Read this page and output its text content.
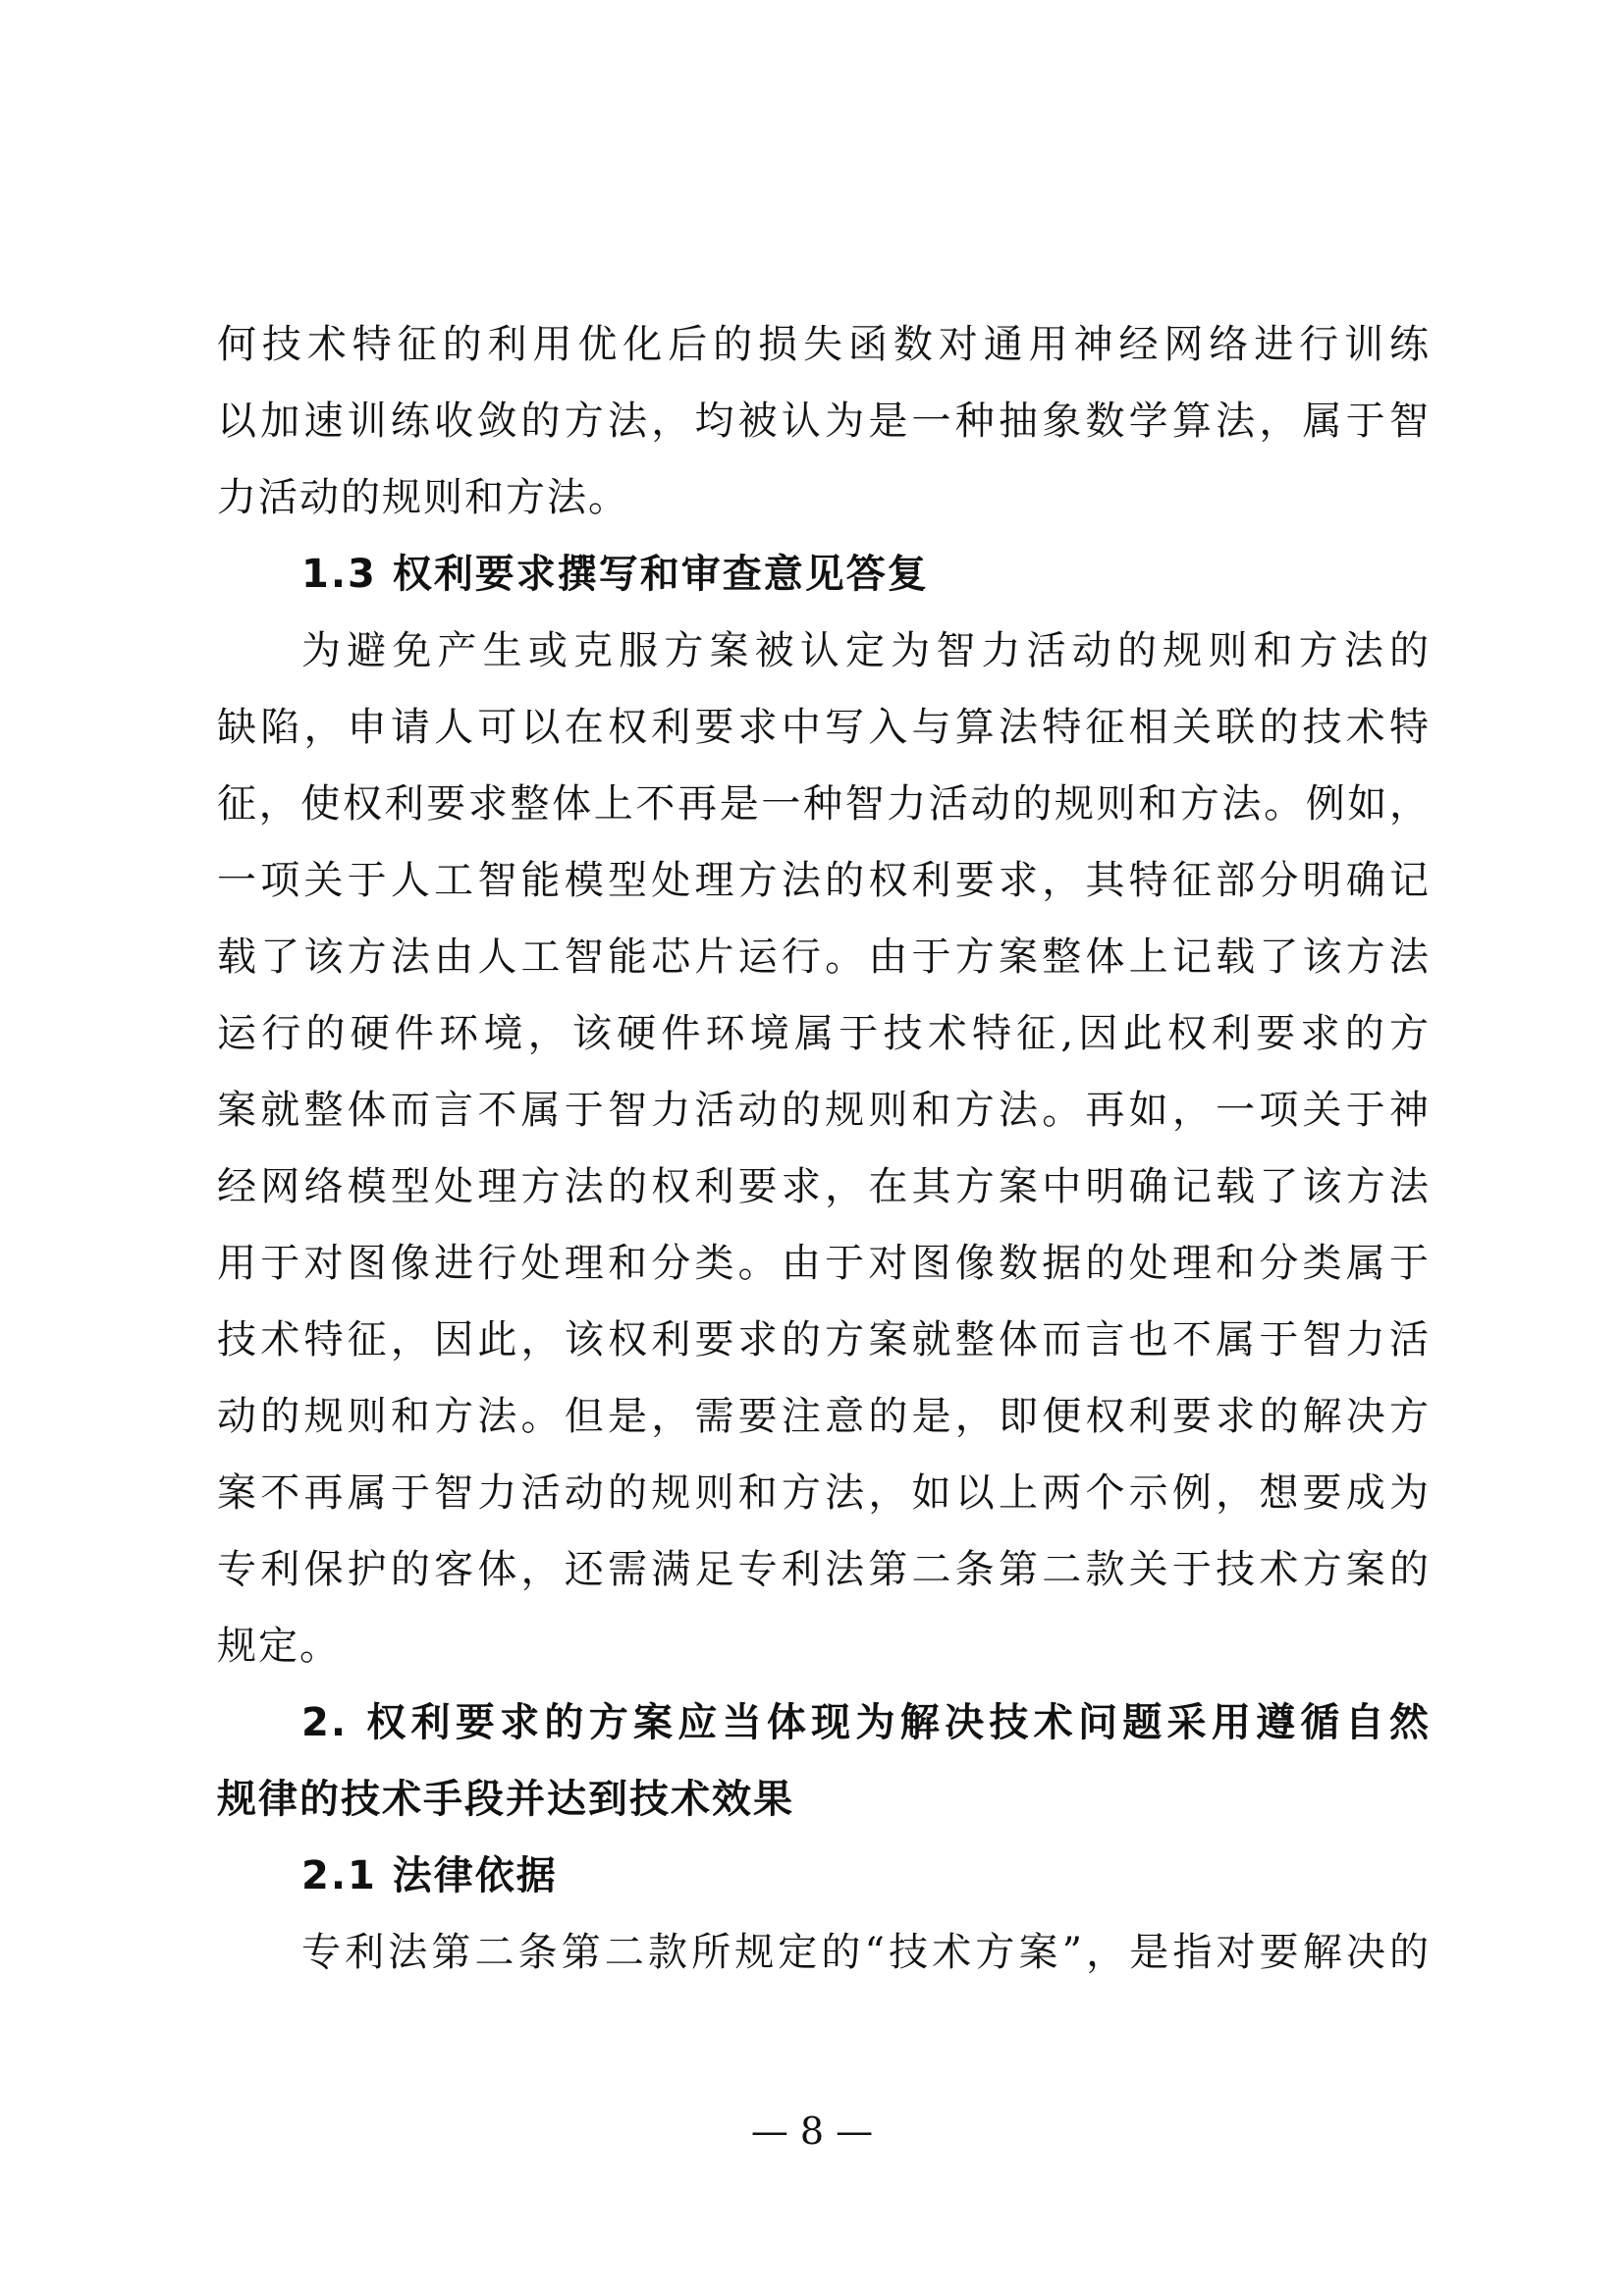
何技术特征的利用优化后的损失函数对通用神经网络进行训练
以加速训练收敛的方法，均被认为是一种抽象数学算法，属于智
力活动的规则和方法。
1.3 权利要求撰写和审查意见答复
为避免产生或克服方案被认定为智力活动的规则和方法的
缺陷，申请人可以在权利要求中写入与算法特征相关联的技术特
征，使权利要求整体上不再是一种智力活动的规则和方法。例如，
一项关于人工智能模型处理方法的权利要求，其特征部分明确记
载了该方法由人工智能芯片运行。由于方案整体上记载了该方法
运行的硬件环境，该硬件环境属于技术特征,因此权利要求的方
案就整体而言不属于智力活动的规则和方法。再如，一项关于神
经网络模型处理方法的权利要求，在其方案中明确记载了该方法
用于对图像进行处理和分类。由于对图像数据的处理和分类属于
技术特征，因此，该权利要求的方案就整体而言也不属于智力活
动的规则和方法。但是，需要注意的是，即便权利要求的解决方
案不再属于智力活动的规则和方法，如以上两个示例，想要成为
专利保护的客体，还需满足专利法第二条第二款关于技术方案的
规定。
2. 权利要求的方案应当体现为解决技术问题采用遵循自然
规律的技术手段并达到技术效果
2.1 法律依据
专利法第二条第二款所规定的“技术方案”，是指对要解决的
— 8 —
